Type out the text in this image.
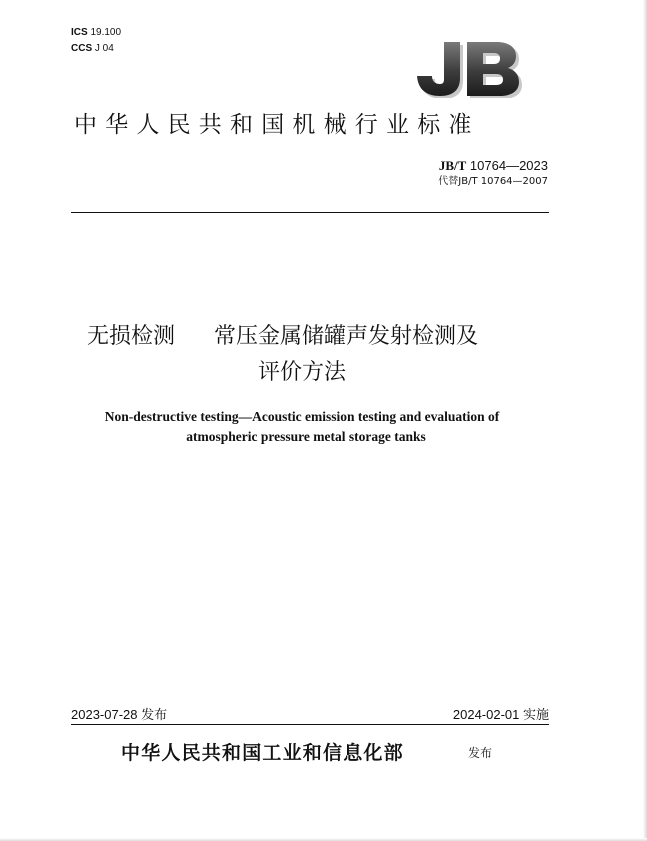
ICS 19.100
CCS J 04
中华人民共和国机械行业标准
JB/T 10764—2023
代替JB/T 10764—2007
无损检测 常压金属储罐声发射检测及
评价方法
Non-destructive testing—Acoustic emission testing and evaluation of
atmospheric pressure metal storage tanks
2023-07-28 发布	2024-02-01 实施
中华人民共和国工业和信息化部	发布
